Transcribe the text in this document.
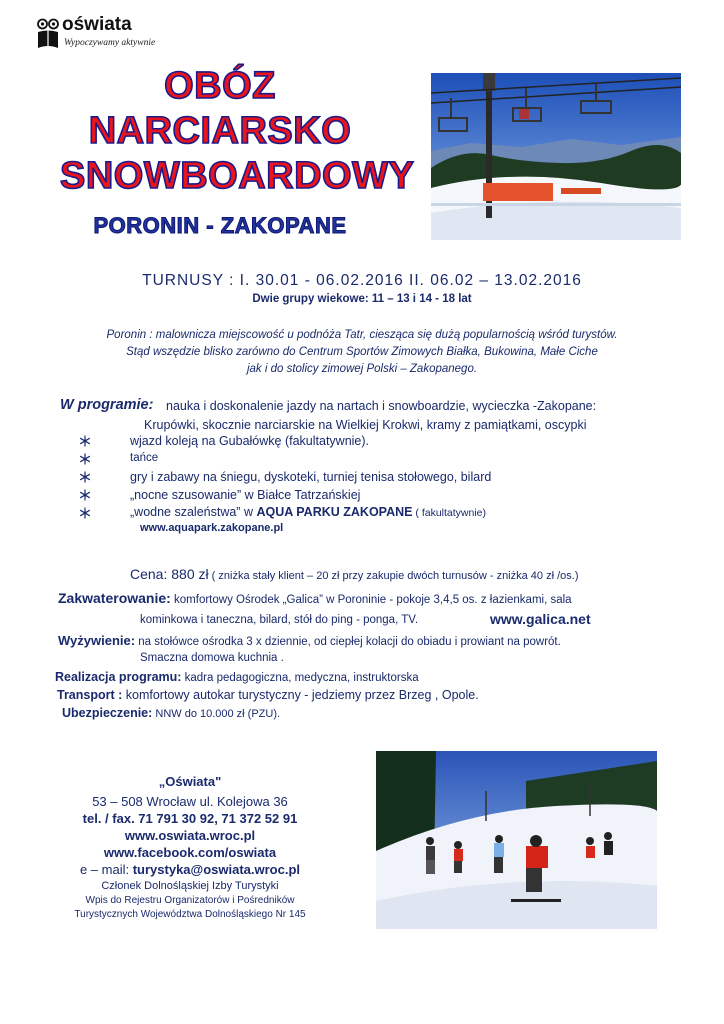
oświata
Wypoczywamy aktywnie
OBÓZ
NARCIARSKO
SNOWBOARDOWY
PORONIN - ZAKOPANE
TURNUSY : I. 30.01 - 06.02.2016 II. 06.02 – 13.02.2016
Dwie grupy wiekowe: 11 – 13 i 14 - 18 lat
Poronin : malownicza miejscowość u podnóża Tatr, ciesząca się dużą popularnością wśród turystów.
Stąd wszędzie blisko zarówno do Centrum Sportów Zimowych Białka, Bukowina, Małe Ciche
jak i do stolicy zimowej Polski – Zakopanego.
W programie: nauka i doskonalenie jazdy na nartach i snowboardzie, wycieczka -Zakopane:
Krupówki, skocznie narciarskie na Wielkiej Krokwi, kramy z pamiątkami, oscypki
wjazd koleją na Gubałówkę (fakultatywnie).
tańce
gry i zabawy na śniegu, dyskoteki, turniej tenisa stołowego, bilard
„nocne szusowanie” w Białce Tatrzańskiej
„wodne szaleństwa” w AQUA PARKU ZAKOPANE ( fakultatywnie)
www.aquapark.zakopane.pl
Cena: 880 zł ( zniżka stały klient – 20 zł przy zakupie dwóch turnusów - zniżka 40 zł /os.)
Zakwaterowanie: komfortowy Ośrodek „Galica” w Poroninie - pokoje 3,4,5 os. z łazienkami, sala
kominkowa i taneczna, bilard, stół do ping - ponga, TV.	www.galica.net
Wyżywienie: na stołówce ośrodka 3 x dziennie, od ciepłej kolacji do obiadu i prowiant na powrót.
Smaczna domowa kuchnia .
Realizacja programu: kadra pedagogiczna, medyczna, instruktorska
Transport : komfortowy autokar turystyczny - jedziemy przez Brzeg , Opole.
Ubezpieczenie: NNW do 10.000 zł (PZU).
„Oświata"
53 – 508 Wrocław ul. Kolejowa 36
tel. / fax. 71 791 30 92, 71 372 52 91
www.oswiata.wroc.pl
www.facebook.com/oswiata
e – mail: turystyka@oswiata.wroc.pl
Członek Dolnośląskiej Izby Turystyki
Wpis do Rejestru Organizatorów i Pośredników
Turystycznych Województwa Dolnośląskiego Nr 145
